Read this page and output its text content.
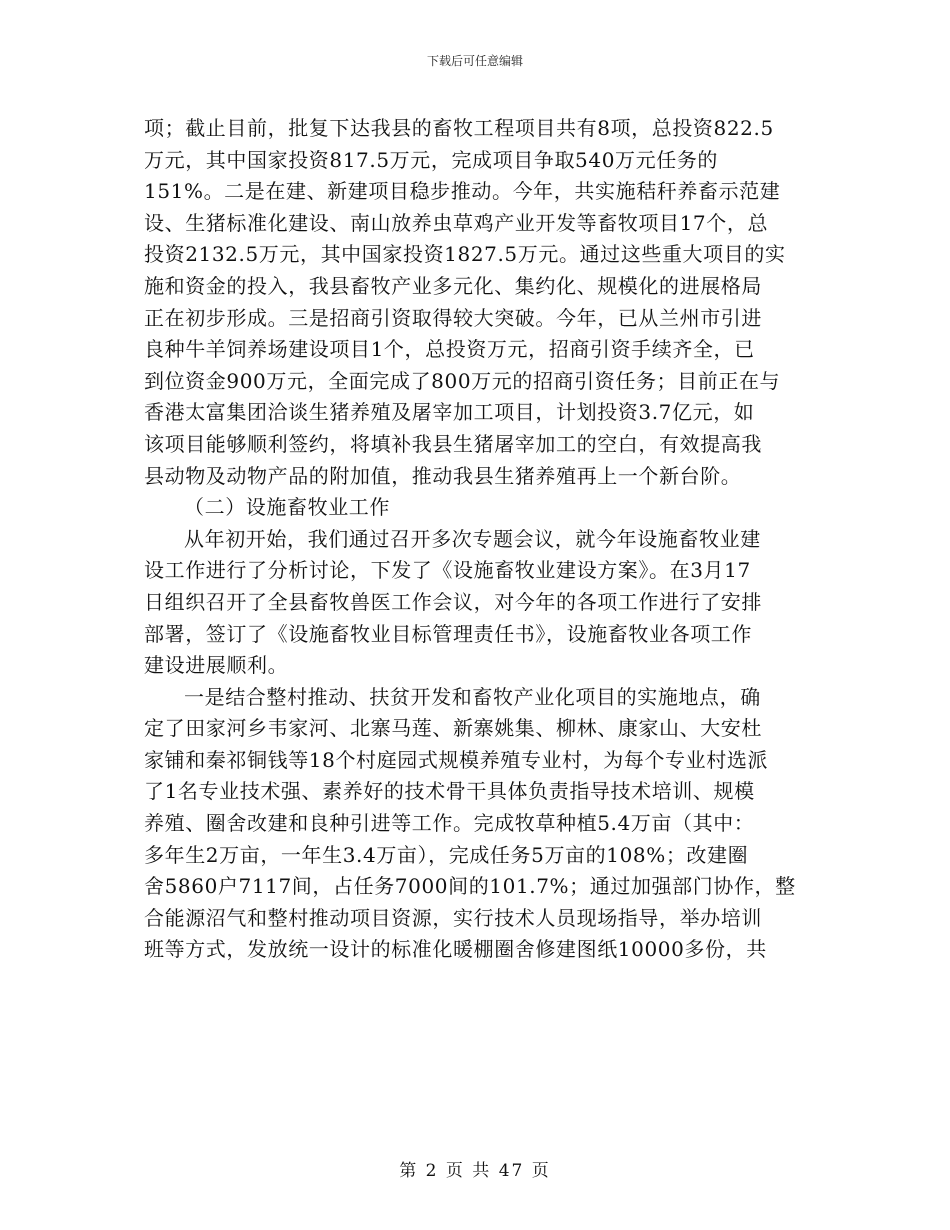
下载后可任意编辑
项；截止目前，批复下达我县的畜牧工程项目共有8项，总投资822.5
万元，其中国家投资817.5万元，完成项目争取540万元任务的
151%。二是在建、新建项目稳步推动。今年，共实施秸秆养畜示范建
设、生猪标准化建设、南山放养虫草鸡产业开发等畜牧项目17个，总
投资2132.5万元，其中国家投资1827.5万元。通过这些重大项目的实
施和资金的投入，我县畜牧产业多元化、集约化、规模化的进展格局
正在初步形成。三是招商引资取得较大突破。今年，已从兰州市引进
良种牛羊饲养场建设项目1个，总投资万元，招商引资手续齐全，已
到位资金900万元，全面完成了800万元的招商引资任务；目前正在与
香港太富集团洽谈生猪养殖及屠宰加工项目，计划投资3.7亿元，如
该项目能够顺利签约，将填补我县生猪屠宰加工的空白，有效提高我
县动物及动物产品的附加值，推动我县生猪养殖再上一个新台阶。
（二）设施畜牧业工作
从年初开始，我们通过召开多次专题会议，就今年设施畜牧业建
设工作进行了分析讨论，下发了《设施畜牧业建设方案》。在3月17
日组织召开了全县畜牧兽医工作会议，对今年的各项工作进行了安排
部署，签订了《设施畜牧业目标管理责任书》，设施畜牧业各项工作
建设进展顺利。
一是结合整村推动、扶贫开发和畜牧产业化项目的实施地点，确
定了田家河乡韦家河、北寨马莲、新寨姚集、柳林、康家山、大安杜
家铺和秦祁铜钱等18个村庭园式规模养殖专业村，为每个专业村选派
了1名专业技术强、素养好的技术骨干具体负责指导技术培训、规模
养殖、圈舍改建和良种引进等工作。完成牧草种植5.4万亩（其中：
多年生2万亩，一年生3.4万亩），完成任务5万亩的108%；改建圈
舍5860户7117间，占任务7000间的101.7%；通过加强部门协作，整
合能源沼气和整村推动项目资源，实行技术人员现场指导，举办培训
班等方式，发放统一设计的标准化暖棚圈舍修建图纸10000多份，共
第 2 页 共 47 页
